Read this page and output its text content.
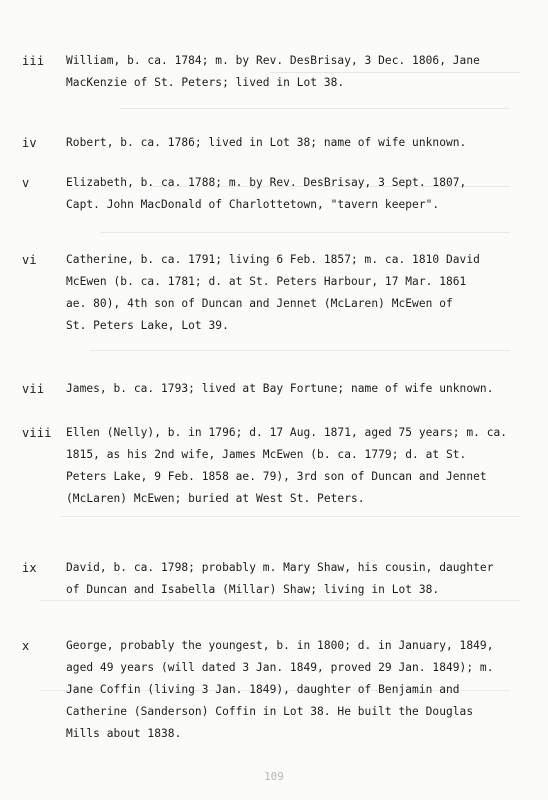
iii William, b. ca. 1784; m. by Rev. DesBrisay, 3 Dec. 1806, Jane
MacKenzie of St. Peters; lived in Lot 38.
iv	Robert, b. ca. 1786; lived in Lot 38; name of wife unknown.
v	Elizabeth, b. ca. 1788; m. by Rev. DesBrisay, 3 Sept. 1807,
Capt. John MacDonald of Charlottetown, "tavern keeper".
vi	Catherine, b. ca. 1791; living 6 Feb. 1857; m. ca. 1810 David
McEwen (b. ca. 1781; d. at St. Peters Harbour, 17 Mar. 1861
ae. 80), 4th son of Duncan and Jennet (McLaren) McEwen of
St. Peters Lake, Lot 39.
vii James, b. ca. 1793; lived at Bay Fortune; name of wife unknown.
viii Ellen (Nelly), b. in 1796; d. 17 Aug. 1871, aged 75 years; m. ca.
1815, as his 2nd wife, James McEwen (b. ca. 1779; d. at St.
Peters Lake, 9 Feb. 1858 ae. 79), 3rd son of Duncan and Jennet
(McLaren) McEwen; buried at West St. Peters.
ix	David, b. ca. 1798; probably m. Mary Shaw, his cousin, daughter
of Duncan and Isabella (Millar) Shaw; living in Lot 38.
x	George, probably the youngest, b. in 1800; d. in January, 1849,
aged 49 years (will dated 3 Jan. 1849, proved 29 Jan. 1849); m.
Jane Coffin (living 3 Jan. 1849), daughter of Benjamin and
Catherine (Sanderson) Coffin in Lot 38. He built the Douglas
Mills about 1838.
109
